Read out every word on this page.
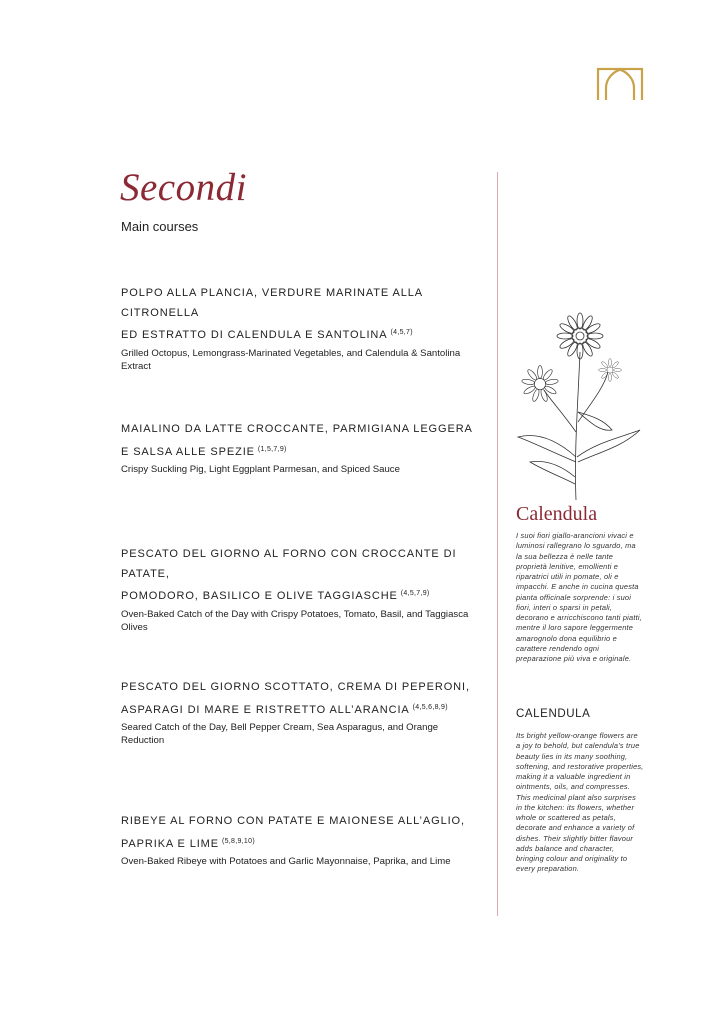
Secondi
Main courses
POLPO ALLA PLANCIA, VERDURE MARINATE ALLA CITRONELLA
ED ESTRATTO DI CALENDULA E SANTOLINA $^{(4,5,7)}$
Grilled Octopus, Lemongrass-Marinated Vegetables, and Calendula & Santolina Extract
MAIALINO DA LATTE CROCCANTE, PARMIGIANA LEGGERA
E SALSA ALLE SPEZIE $^{(1,5,7,9)}$
Crispy Suckling Pig, Light Eggplant Parmesan, and Spiced Sauce
PESCATO DEL GIORNO AL FORNO CON CROCCANTE DI PATATE,
POMODORO, BASILICO E OLIVE TAGGIASCHE $^{(4,5,7,9)}$
Oven-Baked Catch of the Day with Crispy Potatoes, Tomato, Basil, and Taggiasca Olives
PESCATO DEL GIORNO SCOTTATO, CREMA DI PEPERONI,
ASPARAGI DI MARE E RISTRETTO ALL’ARANCIA $^{(4,5,6,8,9)}$
Seared Catch of the Day, Bell Pepper Cream, Sea Asparagus, and Orange Reduction
RIBEYE AL FORNO CON PATATE E MAIONESE ALL’AGLIO,
PAPRIKA E LIME $^{(5,8,9,10)}$
Oven-Baked Ribeye with Potatoes and Garlic Mayonnaise, Paprika, and Lime
Calendula
I suoi fiori giallo-arancioni vivaci e luminosi rallegrano lo sguardo, ma la sua bellezza è nelle tante proprietà lenitive, emollienti e riparatrici utili in pomate, oli e impacchi. E anche in cucina questa pianta officinale sorprende: i suoi fiori, interi o sparsi in petali, decorano e arricchiscono tanti piatti, mentre il loro sapore leggermente amarognolo dona equilibrio e carattere rendendo ogni preparazione più viva e originale.
CALENDULA
Its bright yellow-orange flowers are a joy to behold, but calendula’s true beauty lies in its many soothing, softening, and restorative properties, making it a valuable ingredient in ointments, oils, and compresses. This medicinal plant also surprises in the kitchen: its flowers, whether whole or scattered as petals, decorate and enhance a variety of dishes. Their slightly bitter flavour adds balance and character, bringing colour and originality to every preparation.
